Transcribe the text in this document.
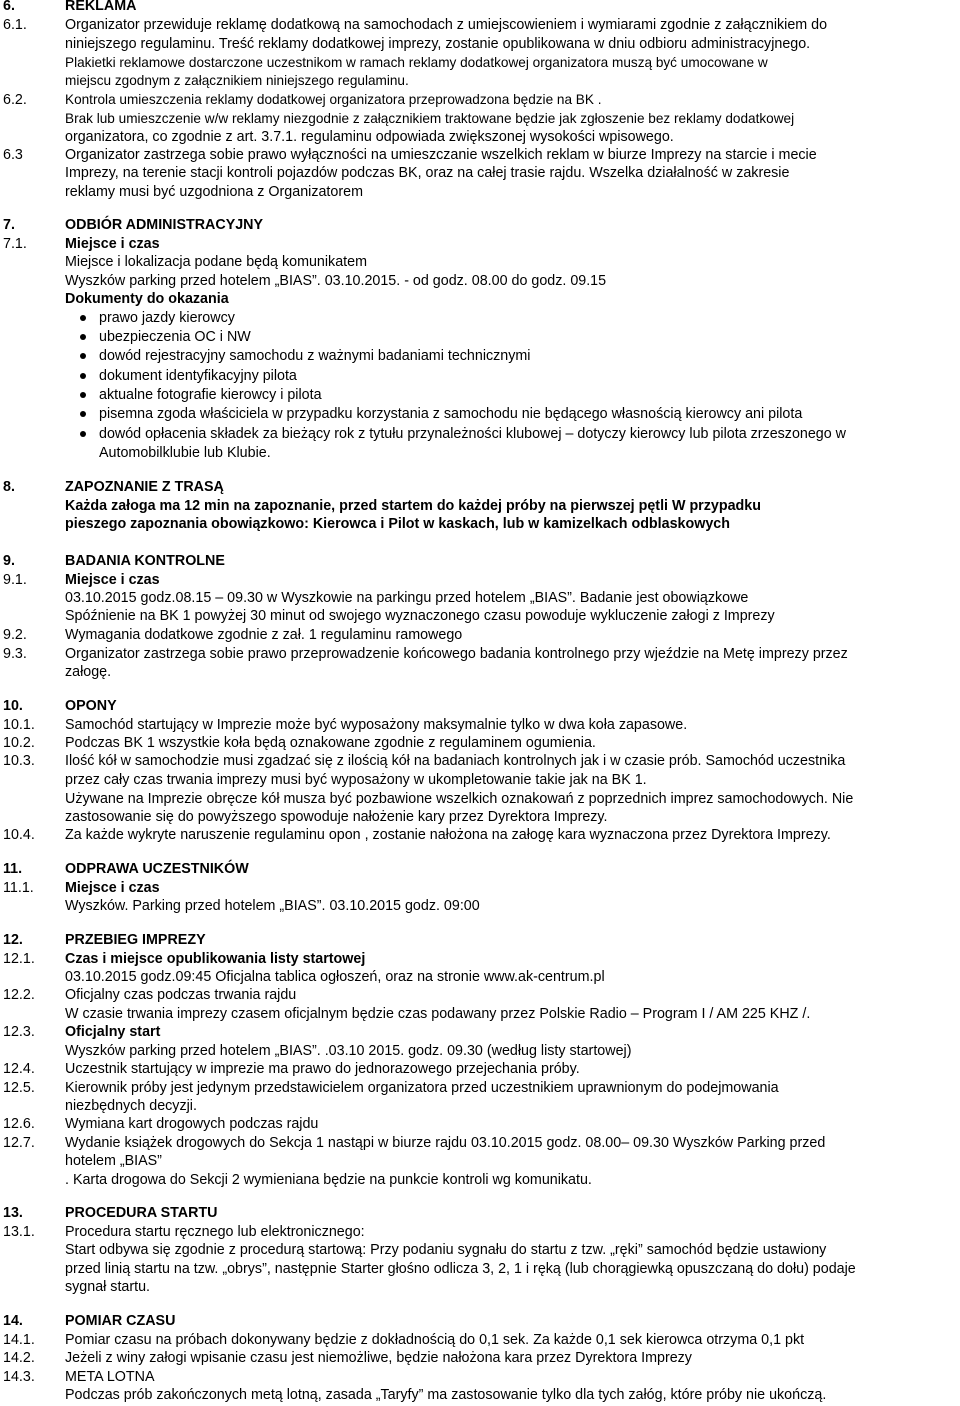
6.	REKLAMA
6.1.	Organizator przewiduje reklamę dodatkową na samochodach z umiejscowieniem i wymiarami zgodnie z załącznikiem do
niniejszego regulaminu. Treść reklamy dodatkowej imprezy, zostanie opublikowana w dniu odbioru administracyjnego.
Plakietki reklamowe dostarczone uczestnikom w ramach reklamy dodatkowej organizatora muszą być umocowane w
miejscu zgodnym z załącznikiem niniejszego regulaminu.
6.2.	Kontrola umieszczenia reklamy dodatkowej organizatora przeprowadzona będzie na BK .
Brak lub umieszczenie w/w reklamy niezgodnie z załącznikiem traktowane będzie jak zgłoszenie bez reklamy dodatkowej
organizatora, co zgodnie z art. 3.7.1. regulaminu odpowiada zwiększonej wysokości wpisowego.
6.3	Organizator zastrzega sobie prawo wyłączności na umieszczanie wszelkich reklam w biurze Imprezy na starcie i mecie
Imprezy, na terenie stacji kontroli pojazdów podczas BK, oraz na całej trasie rajdu. Wszelka działalność w zakresie
reklamy musi być uzgodniona z Organizatorem
7.	ODBIÓR ADMINISTRACYJNY
7.1.	Miejsce i czas
Miejsce i lokalizacja podane będą komunikatem
Wyszków parking przed hotelem „BIAS”. 03.10.2015. - od godz. 08.00 do godz. 09.15
Dokumenty do okazania
prawo jazdy kierowcy
ubezpieczenia OC i NW
dowód rejestracyjny samochodu z ważnymi badaniami technicznymi
dokument identyfikacyjny pilota
aktualne fotografie kierowcy i pilota
pisemna zgoda właściciela w przypadku korzystania z samochodu nie będącego własnością kierowcy ani pilota
dowód opłacenia składek za bieżący rok z tytułu przynależności klubowej – dotyczy kierowcy lub pilota zrzeszonego w
Automobilklubie lub Klubie.
8.	ZAPOZNANIE Z TRASĄ
Każda załoga ma 12 min na zapoznanie, przed startem do każdej próby na pierwszej pętli W przypadku
pieszego zapoznania obowiązkowo: Kierowca i Pilot w kaskach, lub w kamizelkach odblaskowych
9.	BADANIA KONTROLNE
9.1.	Miejsce i czas
03.10.2015 godz.08.15 – 09.30 w Wyszkowie na parkingu przed hotelem „BIAS”. Badanie jest obowiązkowe
Spóźnienie na BK 1 powyżej 30 minut od swojego wyznaczonego czasu powoduje wykluczenie załogi z Imprezy
9.2.	Wymagania dodatkowe zgodnie z zał. 1 regulaminu ramowego
9.3.	Organizator zastrzega sobie prawo przeprowadzenie końcowego badania kontrolnego przy wjeździe na Metę imprezy przez
załogę.
10.	OPONY
10.1. Samochód startujący w Imprezie może być wyposażony maksymalnie tylko w dwa koła zapasowe.
10.2. Podczas BK 1 wszystkie koła będą oznakowane zgodnie z regulaminem ogumienia.
10.3. Ilość kół w samochodzie musi zgadzać się z ilością kół na badaniach kontrolnych jak i w czasie prób. Samochód uczestnika
przez cały czas trwania imprezy musi być wyposażony w ukompletowanie takie jak na BK 1.
Używane na Imprezie obręcze kół musza być pozbawione wszelkich oznakowań z poprzednich imprez samochodowych. Nie
zastosowanie się do powyższego spowoduje nałożenie kary przez Dyrektora Imprezy.
10.4. Za każde wykryte naruszenie regulaminu opon , zostanie nałożona na załogę kara wyznaczona przez Dyrektora Imprezy.
11.	ODPRAWA UCZESTNIKÓW
11.1. Miejsce i czas
Wyszków. Parking przed hotelem „BIAS”. 03.10.2015 godz. 09:00
12.	PRZEBIEG IMPREZY
12.1. Czas i miejsce opublikowania listy startowej
03.10.2015 godz.09:45 Oficjalna tablica ogłoszeń, oraz na stronie www.ak-centrum.pl
12.2. Oficjalny czas podczas trwania rajdu
W czasie trwania imprezy czasem oficjalnym będzie czas podawany przez Polskie Radio – Program I / AM 225 KHZ /.
12.3. Oficjalny start
Wyszków parking przed hotelem „BIAS”. .03.10 2015. godz. 09.30 (według listy startowej)
12.4. Uczestnik startujący w imprezie ma prawo do jednorazowego przejechania próby.
12.5. Kierownik próby jest jedynym przedstawicielem organizatora przed uczestnikiem uprawnionym do podejmowania
niezbędnych decyzji.
12.6. Wymiana kart drogowych podczas rajdu
12.7. Wydanie książek drogowych do Sekcja 1 nastąpi w biurze rajdu 03.10.2015 godz. 08.00– 09.30 Wyszków Parking przed
hotelem „BIAS”
. Karta drogowa do Sekcji 2 wymieniana będzie na punkcie kontroli wg komunikatu.
13.	PROCEDURA STARTU
13.1. Procedura startu ręcznego lub elektronicznego:
Start odbywa się zgodnie z procedurą startową: Przy podaniu sygnału do startu z tzw. „ręki” samochód będzie ustawiony
przed linią startu na tzw. „obrys”, następnie Starter głośno odlicza 3, 2, 1 i ręką (lub chorągiewką opuszczaną do dołu) podaje
sygnał startu.
14.	POMIAR CZASU
14.1. Pomiar czasu na próbach dokonywany będzie z dokładnością do 0,1 sek. Za każde 0,1 sek kierowca otrzyma 0,1 pkt
14.2. Jeżeli z winy załogi wpisanie czasu jest niemożliwe, będzie nałożona kara przez Dyrektora Imprezy
14.3. META LOTNA
Podczas prób zakończonych metą lotną, zasada „Taryfy” ma zastosowanie tylko dla tych załóg, które próby nie ukończą.
